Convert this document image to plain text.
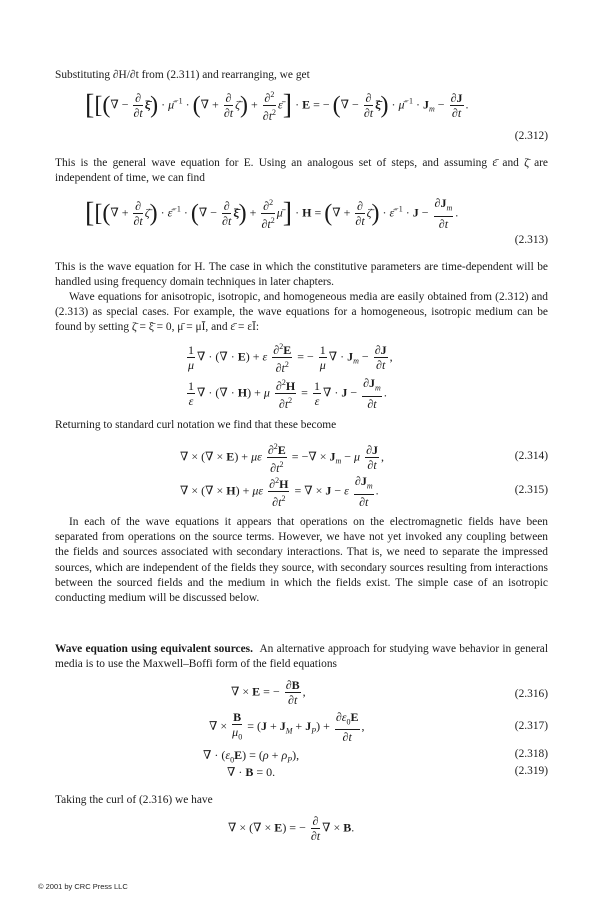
Substituting ∂H/∂t from (2.311) and rearranging, we get

[[(∇̄ − $\frac{\partial}{\partial t}$ ξ̄) · μ̄$^{-1}$ · (∇̄ + $\frac{\partial}{\partial t}$ ζ̄) + $\frac{\partial^2}{\partial t^2}$ ε̄] · E = − (∇̄ − $\frac{\partial}{\partial t}$ ξ̄) · μ̄$^{-1}$ · $J_m - \frac{\partial J}{\partial t}$ .
(2.312)

This is the general wave equation for E. Using an analogous set of steps, and assuming ε̄ and ζ̄ are independent of time, we can find

[[(∇̄ + $\frac{\partial}{\partial t}$ ζ̄) · ε̄$^{-1}$ · (∇̄ − $\frac{\partial}{\partial t}$ ξ̄) + $\frac{\partial^2}{\partial t^2}$ μ̄] · H = (∇̄ + $\frac{\partial}{\partial t}$ ζ̄) · ε̄$^{-1}$ · $J - \frac{\partial J_m}{\partial t}$ .
(2.313)

This is the wave equation for H. The case in which the constitutive parameters are time-dependent will be handled using frequency domain techniques in later chapters.

Wave equations for anisotropic, isotropic, and homogeneous media are easily obtained from (2.312) and (2.313) as special cases. For example, the wave equations for a homogeneous, isotropic medium can be found by setting ζ̄ = ξ̄ = 0, μ̄ = μĪ, and ε̄ = εĪ:

$\frac{1}{\mu}$ ∇̄ · (∇̄ · E) + ε $\frac{\partial^2E}{\partial t^2}$ = − $\frac{1}{\mu}$ ∇̄ · $J_m - \frac{\partial J}{\partial t}$ ,
$\frac{1}{\varepsilon}$ ∇̄ · (∇̄ · H) + μ $\frac{\partial^2H}{\partial t^2} = \frac{1}{\varepsilon}$ ∇̄ · $J - \frac{\partial J_m}{\partial t}$ .

Returning to standard curl notation we find that these become

∇ × (∇ × E) + με $\frac{\partial^2E}{\partial t^2}$ = −∇ × $J_m - \mu \frac{\partial J}{\partial t}$ ,	(2.314)
∇ × (∇ × H) + με $\frac{\partial^2H}{\partial t^2}$ = ∇ × J − ε $\frac{\partial J_m}{\partial t}$ .	(2.315)

In each of the wave equations it appears that operations on the electromagnetic fields have been separated from operations on the source terms. However, we have not yet invoked any coupling between the fields and sources associated with secondary interactions. That is, we need to separate the impressed sources, which are independent of the fields they source, with secondary sources resulting from interactions between the sourced fields and the medium in which the fields exist. The simple case of an isotropic conducting medium will be discussed below.

Wave equation using equivalent sources. An alternative approach for studying wave behavior in general media is to use the Maxwell–Boffi form of the field equations

∇ × E = − $\frac{\partial B}{\partial t}$ ,	(2.316)
∇ × $\frac{B}{\mu_0} = (J + J_M + J_P) + \frac{\partial\varepsilon_0E}{\partial t}$ ,	(2.317)
∇ · $(\varepsilon_0E) = (\rho + \rho_P)$,	(2.318)
∇ · B = 0.	(2.319)

Taking the curl of (2.316) we have

∇ × (∇ × E) = − $\frac{\partial}{\partial t}$ ∇ × B.
© 2001 by CRC Press LLC
